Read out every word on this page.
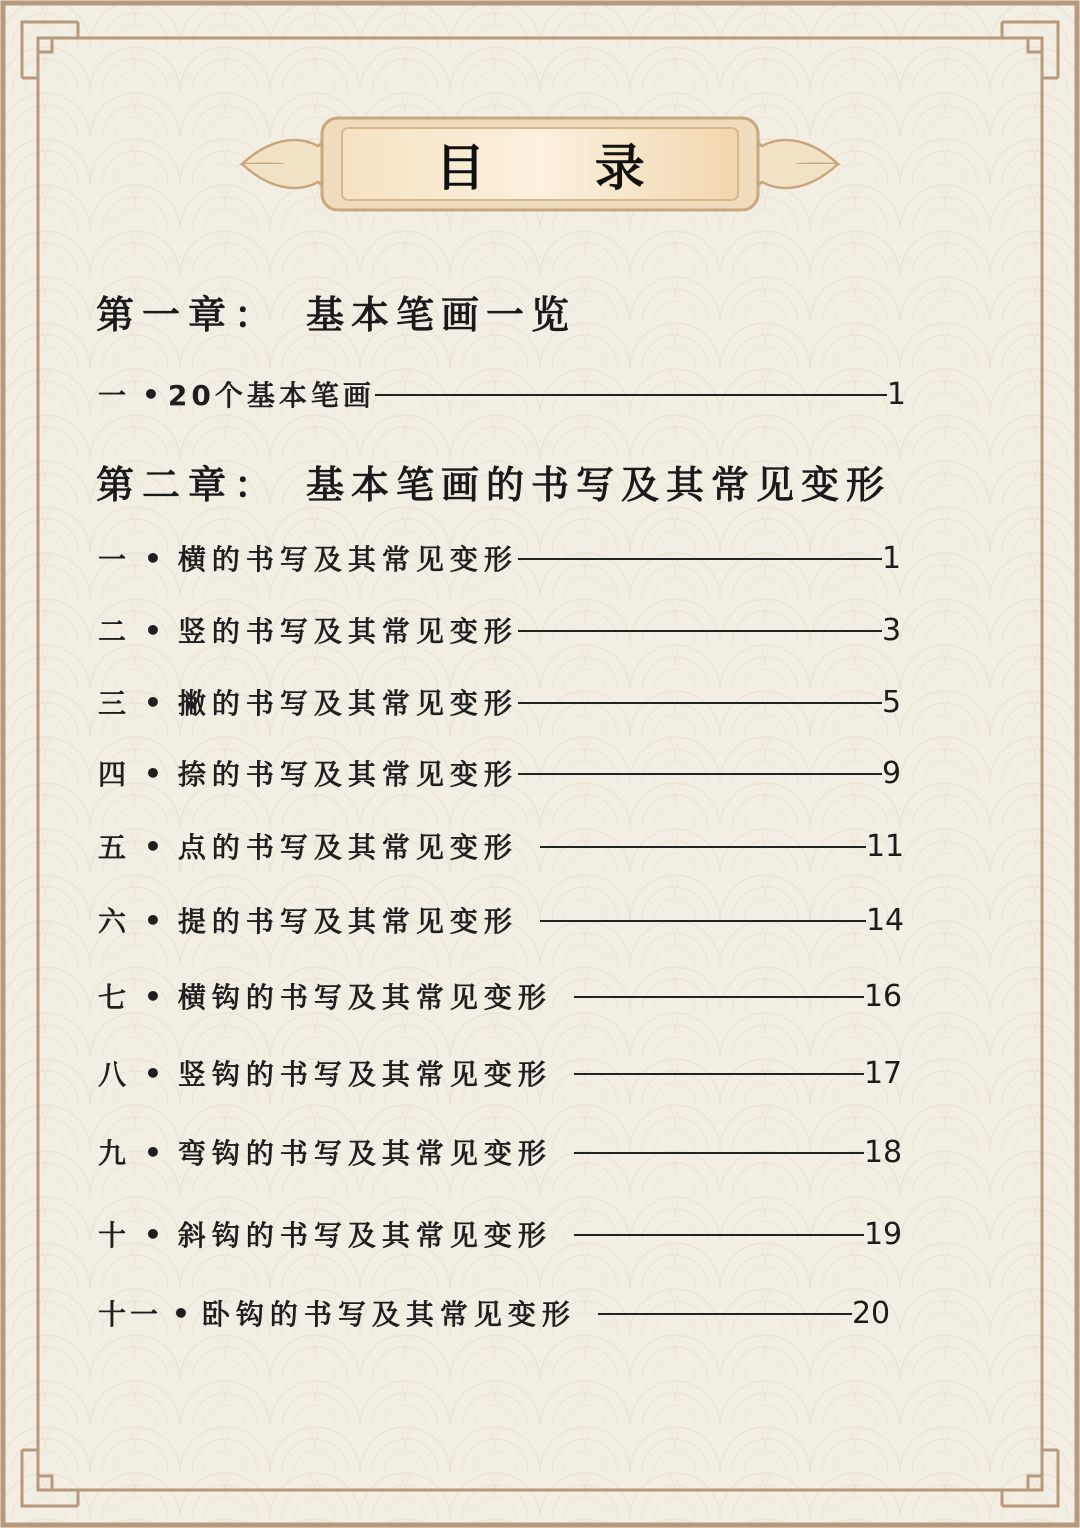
目 录
第一章： 基本笔画一览
一 • 20个基本笔画	1
第二章： 基本笔画的书写及其常见变形
一 • 横的书写及其常见变形	1
二 • 竖的书写及其常见变形	3
三 • 撇的书写及其常见变形	5
四 • 捺的书写及其常见变形	9
五 • 点的书写及其常见变形	11
六 • 提的书写及其常见变形	14
七 • 横钩的书写及其常见变形	16
八 • 竖钩的书写及其常见变形	17
九 • 弯钩的书写及其常见变形	18
十 • 斜钩的书写及其常见变形	19
十一 • 卧钩的书写及其常见变形	20
